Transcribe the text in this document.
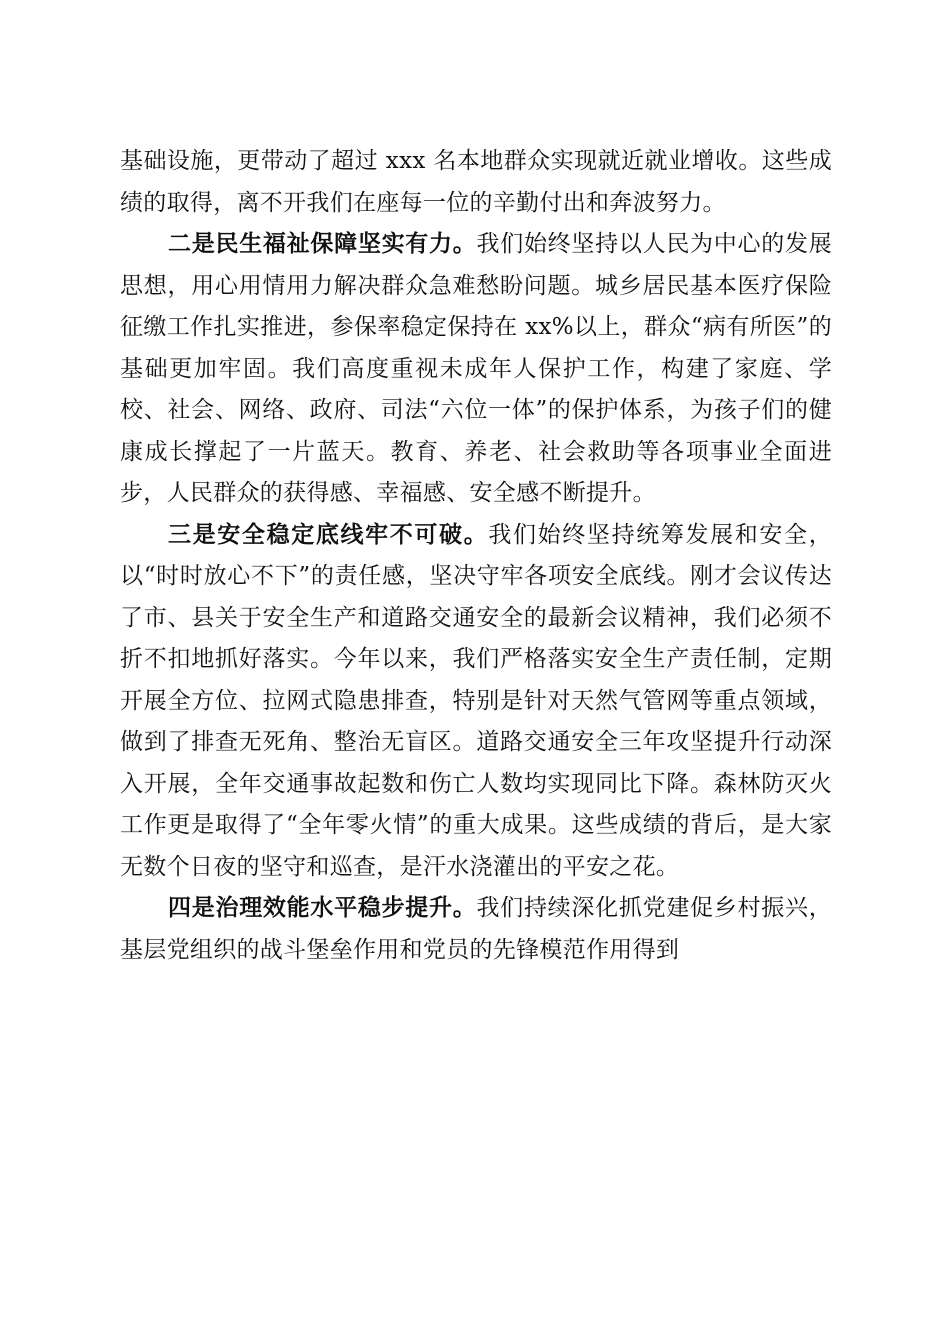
基础设施，更带动了超过 xxx 名本地群众实现就近就业增收。这些成绩的取得，离不开我们在座每一位的辛勤付出和奔波努力。

二是民生福祉保障坚实有力。我们始终坚持以人民为中心的发展思想，用心用情用力解决群众急难愁盼问题。城乡居民基本医疗保险征缴工作扎实推进，参保率稳定保持在 xx%以上，群众“病有所医”的基础更加牢固。我们高度重视未成年人保护工作，构建了家庭、学校、社会、网络、政府、司法“六位一体”的保护体系，为孩子们的健康成长撑起了一片蓝天。教育、养老、社会救助等各项事业全面进步，人民群众的获得感、幸福感、安全感不断提升。

三是安全稳定底线牢不可破。我们始终坚持统筹发展和安全，以“时时放心不下”的责任感，坚决守牢各项安全底线。刚才会议传达了市、县关于安全生产和道路交通安全的最新会议精神，我们必须不折不扣地抓好落实。今年以来，我们严格落实安全生产责任制，定期开展全方位、拉网式隐患排查，特别是针对天然气管网等重点领域，做到了排查无死角、整治无盲区。道路交通安全三年攻坚提升行动深入开展，全年交通事故起数和伤亡人数均实现同比下降。森林防灭火工作更是取得了“全年零火情”的重大成果。这些成绩的背后，是大家无数个日夜的坚守和巡查，是汗水浇灌出的平安之花。

四是治理效能水平稳步提升。我们持续深化抓党建促乡村振兴，基层党组织的战斗堡垒作用和党员的先锋模范作用得到
